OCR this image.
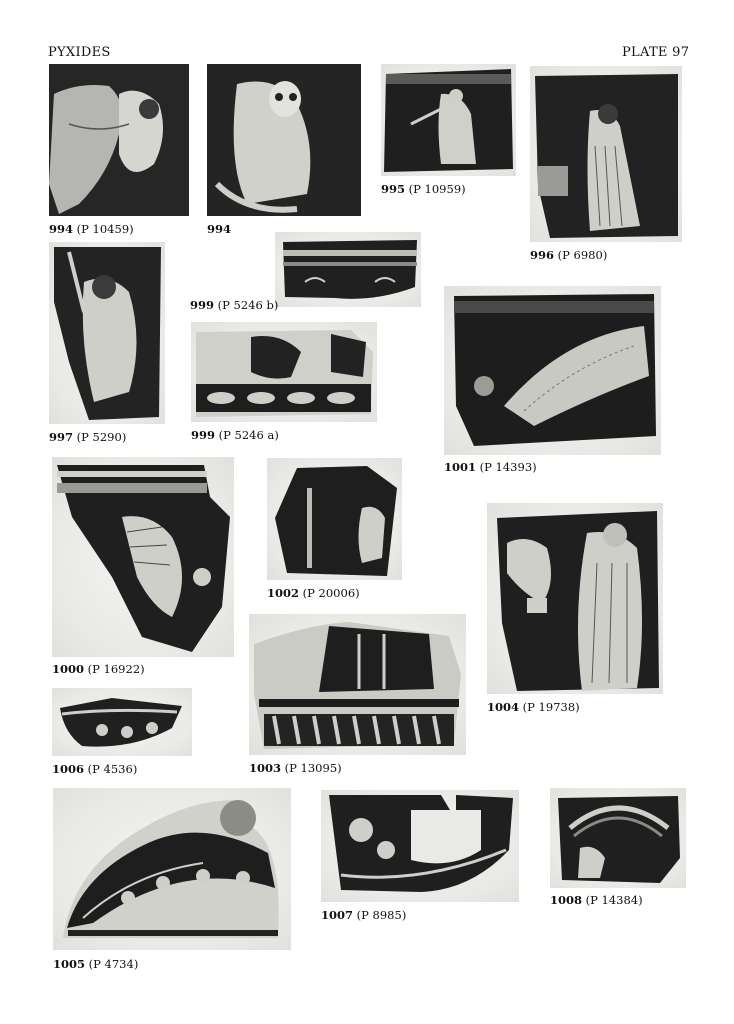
PYXIDES	PLATE 97
994 (P 10459)	994
995 (P 10959)
996 (P 6980)
997 (P 5290)
999 (P 5246 b)
999 (P 5246 a)
1001 (P 14393)
1000 (P 16922)
1002 (P 20006)
1004 (P 19738)
1006 (P 4536)	1003 (P 13095)
1005 (P 4734)
1007 (P 8985)
1008 (P 14384)
